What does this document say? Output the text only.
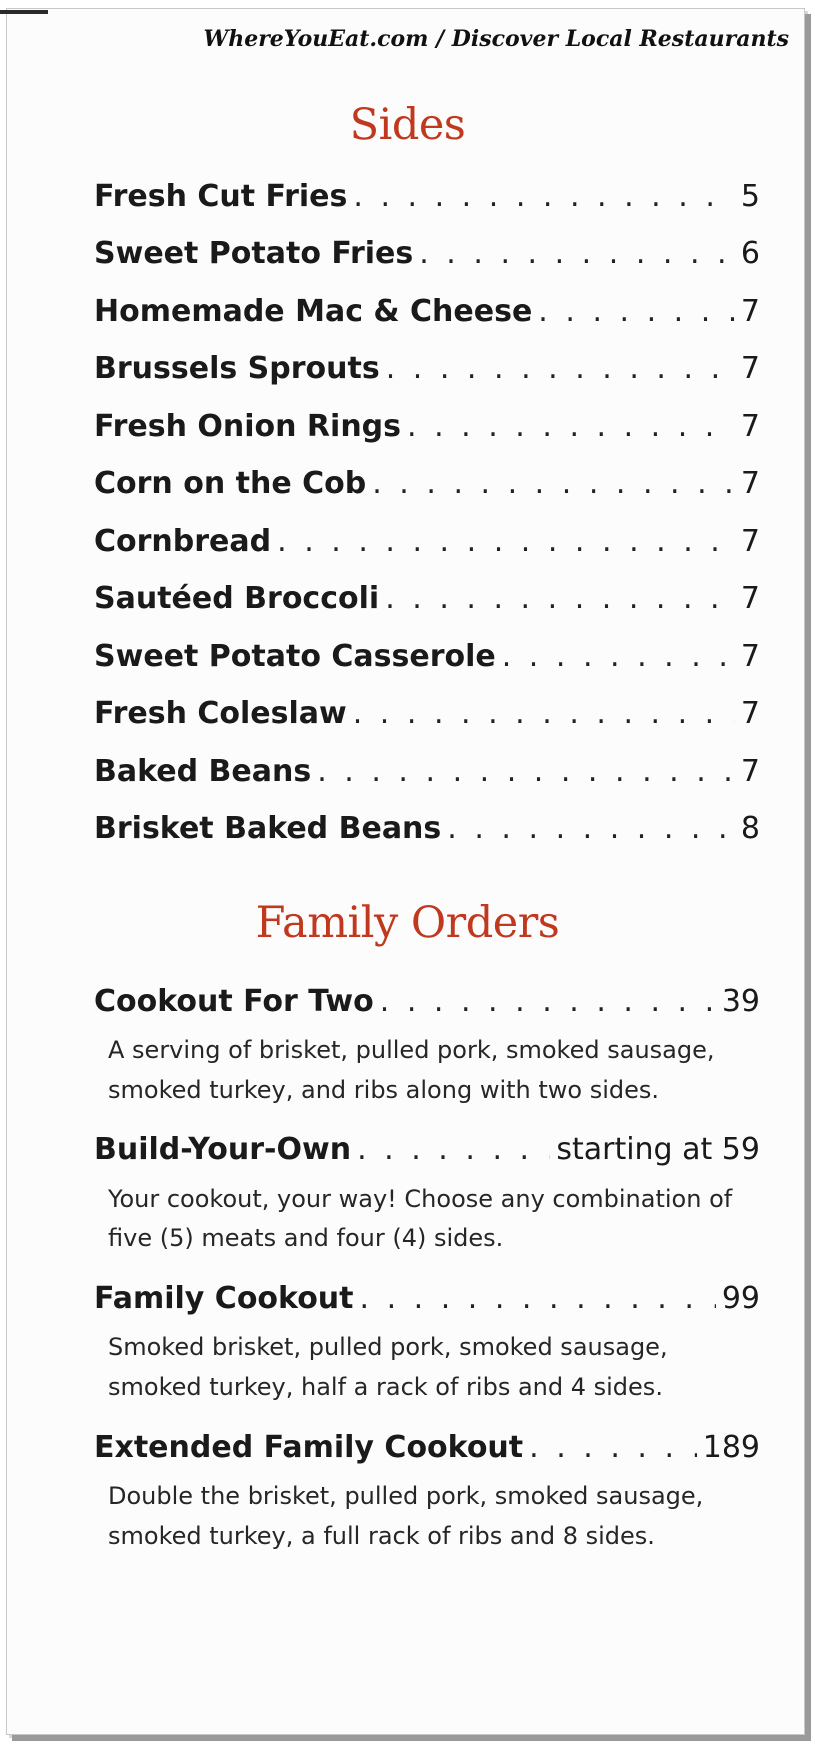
WhereYouEat.com / Discover Local Restaurants
Sides
Fresh Cut Fries . . .	5
Sweet Potato Fries . . .	6
Homemade Mac & Cheese . . .	7
Brussels Sprouts . . .	7
Fresh Onion Rings . . .	7
Corn on the Cob . . .	7
Cornbread . . .	7
Sautéed Broccoli . . .	7
Sweet Potato Casserole . . .	7
Fresh Coleslaw . . .	7
Baked Beans . . .	7
Brisket Baked Beans . . .	8
Family Orders
Cookout For Two . . .	39
A serving of brisket, pulled pork, smoked sausage,
smoked turkey, and ribs along with two sides.
Build-Your-Own . . .	starting at 59
Your cookout, your way! Choose any combination of
five (5) meats and four (4) sides.
Family Cookout . . .	99
Smoked brisket, pulled pork, smoked sausage,
smoked turkey, half a rack of ribs and 4 sides.
Extended Family Cookout . . .	189
Double the brisket, pulled pork, smoked sausage,
smoked turkey, a full rack of ribs and 8 sides.
